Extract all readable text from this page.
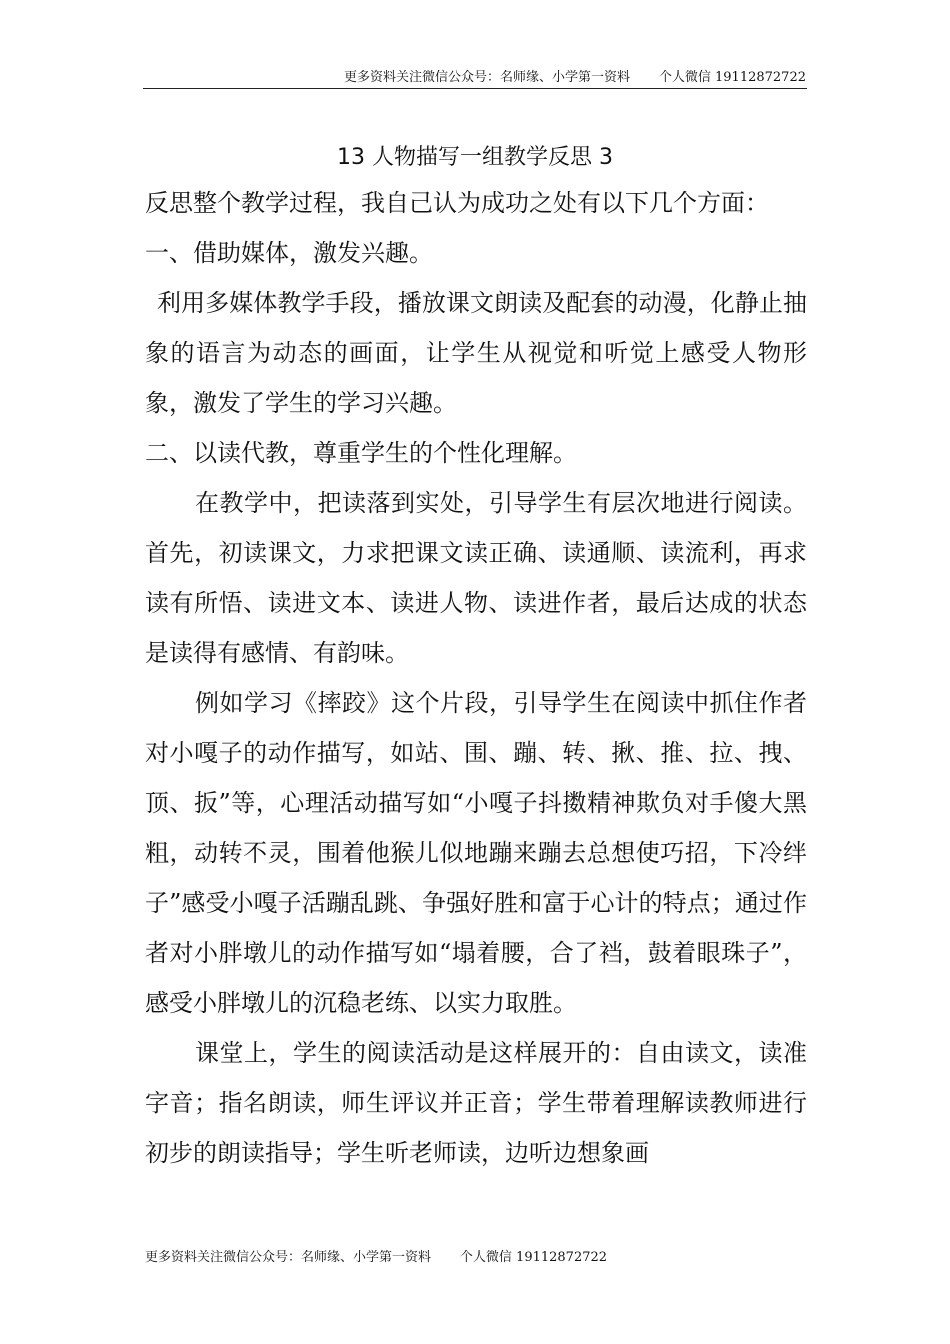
更多资料关注微信公众号：名师缘、小学第一资料       个人微信 19112872722
13 人物描写一组教学反思 3

反思整个教学过程，我自己认为成功之处有以下几个方面：

一、借助媒体，激发兴趣。

利用多媒体教学手段，播放课文朗读及配套的动漫，化静止抽象的语言为动态的画面，让学生从视觉和听觉上感受人物形象，激发了学生的学习兴趣。

二、以读代教，尊重学生的个性化理解。

在教学中，把读落到实处，引导学生有层次地进行阅读。首先，初读课文，力求把课文读正确、读通顺、读流利，再求读有所悟、读进文本、读进人物、读进作者，最后达成的状态是读得有感情、有韵味。

例如学习《摔跤》这个片段，引导学生在阅读中抓住作者对小嘎子的动作描写，如站、围、蹦、转、揪、推、拉、拽、顶、扳”等，心理活动描写如“小嘎子抖擞精神欺负对手傻大黑粗，动转不灵，围着他猴儿似地蹦来蹦去总想使巧招，下冷绊子”感受小嘎子活蹦乱跳、争强好胜和富于心计的特点；通过作者对小胖墩儿的动作描写如“塌着腰，合了裆，鼓着眼珠子”，感受小胖墩儿的沉稳老练、以实力取胜。

课堂上，学生的阅读活动是这样展开的：自由读文，读准字音；指名朗读，师生评议并正音；学生带着理解读教师进行初步的朗读指导；学生听老师读，边听边想象画

更多资料关注微信公众号：名师缘、小学第一资料       个人微信 19112872722
